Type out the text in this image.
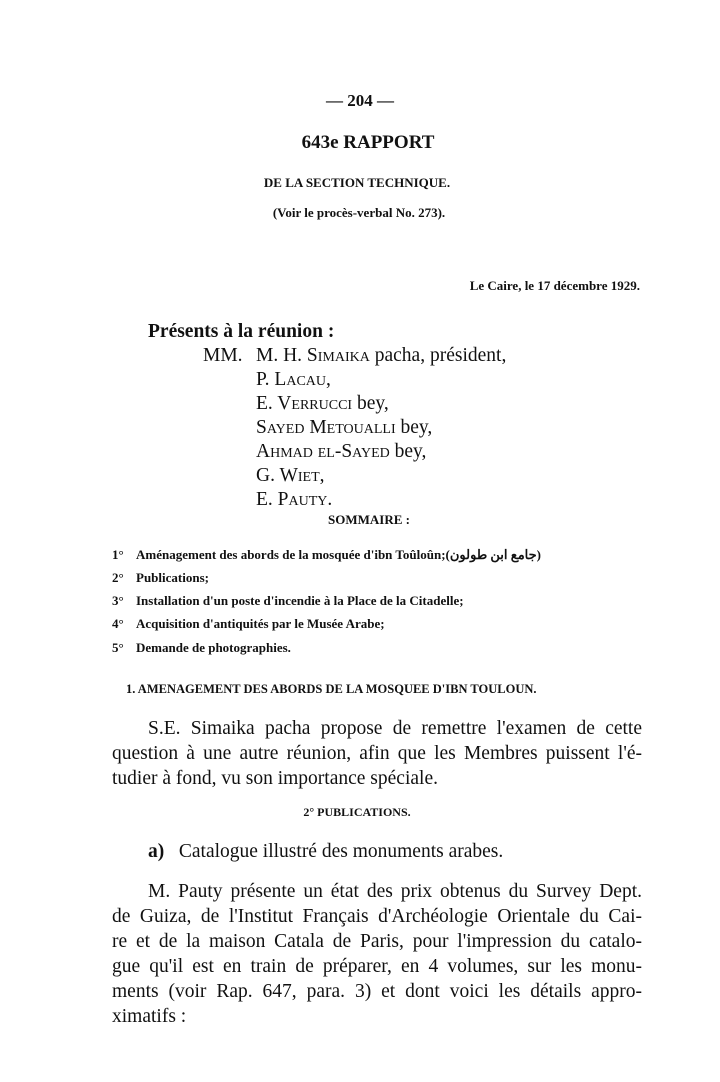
— 204 —
643e RAPPORT
DE LA SECTION TECHNIQUE.
(Voir le procès-verbal No. 273).
Le Caire, le 17 décembre 1929.
Présents à la réunion :
MM. M. H. Simaika pacha, président,
P. Lacau,
E. Verrucci bey,
Sayed Metoualli bey,
Ahmad el-Sayed bey,
G. Wiet,
E. Pauty.
SOMMAIRE :
1° Aménagement des abords de la mosquée d'ibn Toûloûn;(جامع ابن طولون)
2° Publications;
3° Installation d'un poste d'incendie à la Place de la Citadelle;
4° Acquisition d'antiquités par le Musée Arabe;
5° Demande de photographies.
1. AMENAGEMENT DES ABORDS DE LA MOSQUEE D'IBN TOULOUN.
S.E. Simaika pacha propose de remettre l'examen de cette
question à une autre réunion, afin que les Membres puissent l'é-
tudier à fond, vu son importance spéciale.
2° PUBLICATIONS.
a) Catalogue illustré des monuments arabes.
M. Pauty présente un état des prix obtenus du Survey Dept.
de Guiza, de l'Institut Français d'Archéologie Orientale du Cai-
re et de la maison Catala de Paris, pour l'impression du catalo-
gue qu'il est en train de préparer, en 4 volumes, sur les monu-
ments (voir Rap. 647, para. 3) et dont voici les détails appro-
ximatifs :
